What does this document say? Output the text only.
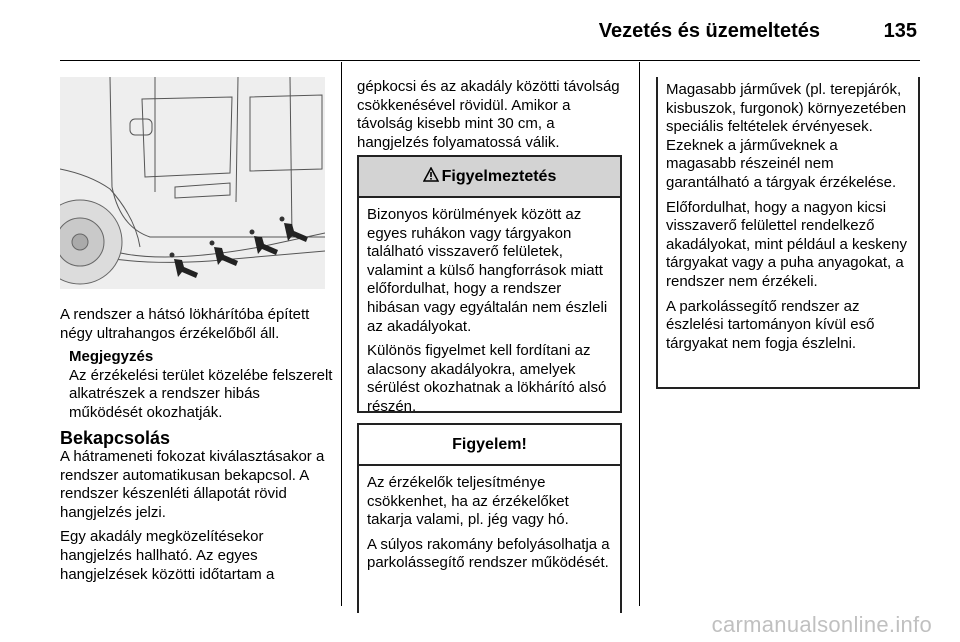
Vezetés és üzemeltetés	135

A rendszer a hátsó lökhárítóba épített négy ultrahangos érzékelőből áll.

Megjegyzés

Az érzékelési terület közelébe felszerelt alkatrészek a rendszer hibás működését okozhatják.

Bekapcsolás

A hátrameneti fokozat kiválasztásakor a rendszer automatikusan bekapcsol. A rendszer készenléti állapotát rövid hangjelzés jelzi.

Egy akadály megközelítésekor hangjelzés hallható. Az egyes hangjelzések közötti időtartam a

gépkocsi és az akadály közötti távolság csökkenésével rövidül. Amikor a távolság kisebb mint 30 cm, a hangjelzés folyamatossá válik.

Figyelmeztetés

Bizonyos körülmények között az egyes ruhákon vagy tárgyakon található visszaverő felületek, valamint a külső hangforrások miatt előfordulhat, hogy a rendszer hibásan vagy egyáltalán nem észleli az akadályokat.

Különös figyelmet kell fordítani az alacsony akadályokra, amelyek sérülést okozhatnak a lökhárító alsó részén.

Figyelem!

Az érzékelők teljesítménye csökkenhet, ha az érzékelőket takarja valami, pl. jég vagy hó.

A súlyos rakomány befolyásolhatja a parkolássegítő rendszer működését.

Magasabb járművek (pl. terepjárók, kisbuszok, furgonok) környezetében speciális feltételek érvényesek. Ezeknek a járműveknek a magasabb részeinél nem garantálható a tárgyak érzékelése.

Előfordulhat, hogy a nagyon kicsi visszaverő felülettel rendelkező akadályokat, mint például a keskeny tárgyakat vagy a puha anyagokat, a rendszer nem érzékeli.

A parkolássegítő rendszer az észlelési tartományon kívül eső tárgyakat nem fogja észlelni.

carmanualsonline.info
